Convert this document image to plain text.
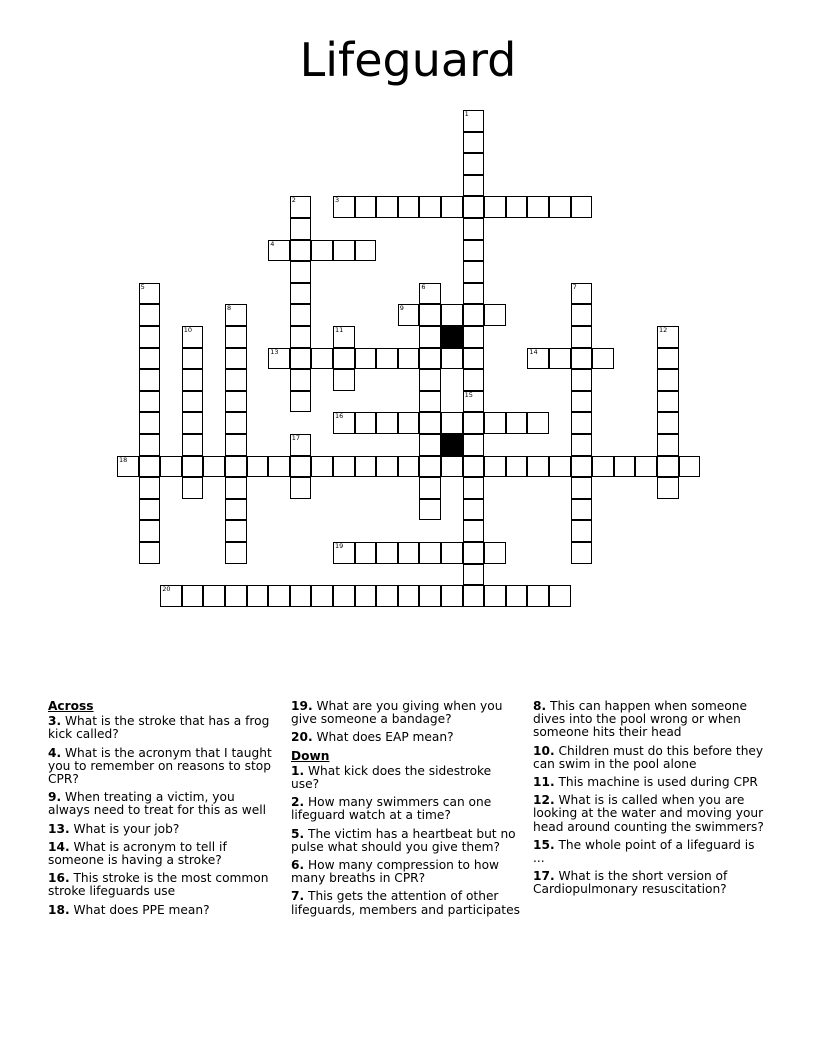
Lifeguard
1
15
2	3
4
5	6	7
8	9
10	11	12
13	14
16
17
18
19
20
Across
3. What is the stroke that has a frog kick called?
4. What is the acronym that I taught you to remember on reasons to stop CPR?
9. When treating a victim, you always need to treat for this as well
13. What is your job?
14. What is acronym to tell if someone is having a stroke?
16. This stroke is the most common stroke lifeguards use
18. What does PPE mean?
19. What are you giving when you give someone a bandage?
20. What does EAP mean?
Down
1. What kick does the sidestroke use?
2. How many swimmers can one lifeguard watch at a time?
5. The victim has a heartbeat but no pulse what should you give them?
6. How many compression to how many breaths in CPR?
7. This gets the attention of other lifeguards, members and participates
8. This can happen when someone dives into the pool wrong or when someone hits their head
10. Children must do this before they can swim in the pool alone
11. This machine is used during CPR
12. What is is called when you are looking at the water and moving your head around counting the swimmers?
15. The whole point of a lifeguard is ...
17. What is the short version of Cardiopulmonary resuscitation?
